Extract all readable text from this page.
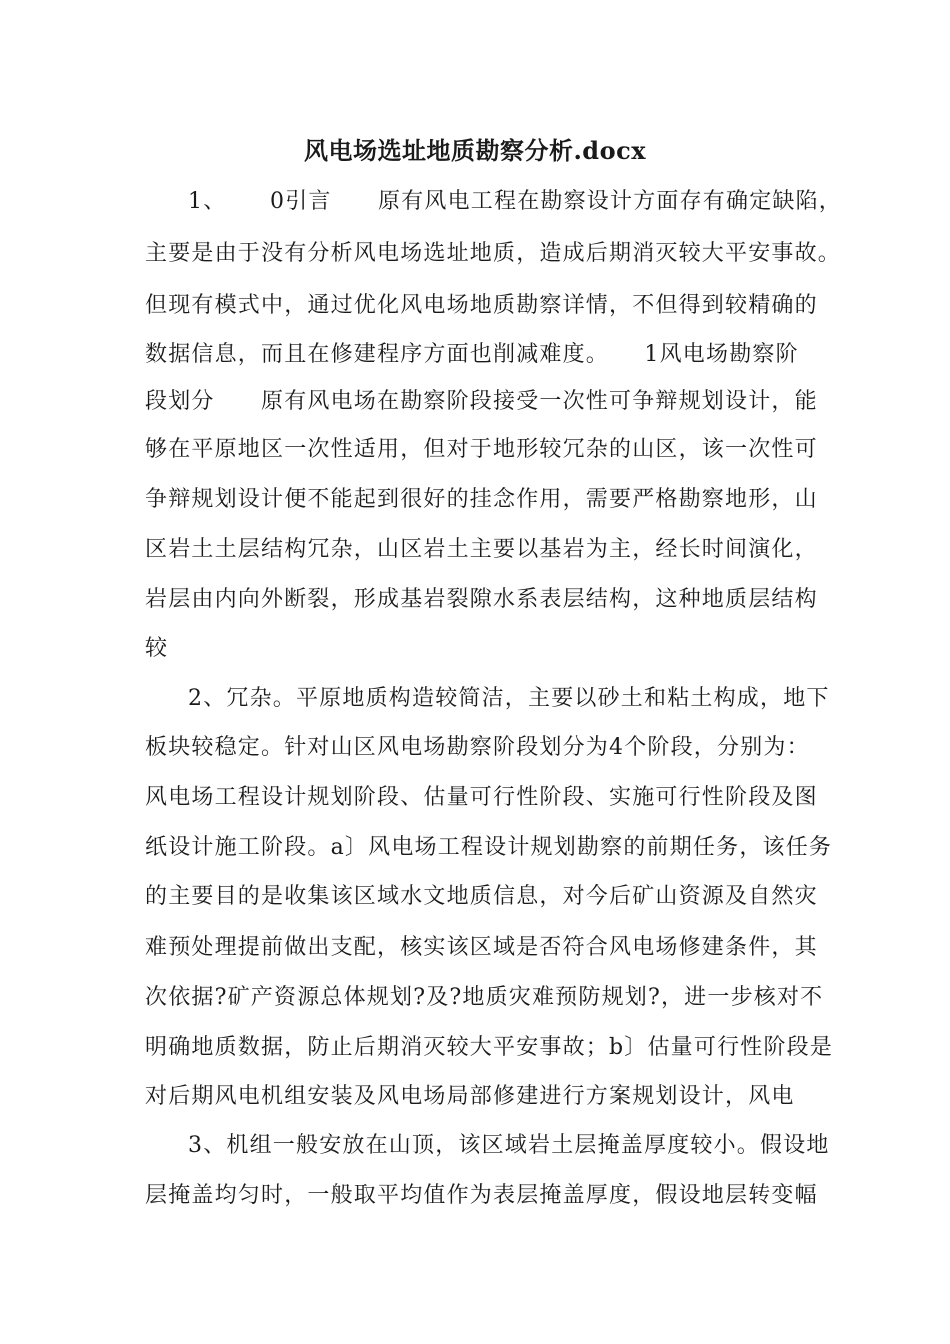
风电场选址地质勘察分析.docx
1、　 　0引言　　原有风电工程在勘察设计方面存有确定缺陷，
主要是由于没有分析风电场选址地质，造成后期消灭较大平安事故。
但现有模式中，通过优化风电场地质勘察详情，不但得到较精确的
数据信息，而且在修建程序方面也削减难度。　　1风电场勘察阶
段划分　　原有风电场在勘察阶段接受一次性可争辩规划设计，能
够在平原地区一次性适用，但对于地形较冗杂的山区，该一次性可
争辩规划设计便不能起到很好的挂念作用，需要严格勘察地形，山
区岩土土层结构冗杂，山区岩土主要以基岩为主，经长时间演化，
岩层由内向外断裂，形成基岩裂隙水系表层结构，这种地质层结构
较
2、冗杂。平原地质构造较简洁，主要以砂土和粘土构成，地下
板块较稳定。针对山区风电场勘察阶段划分为4个阶段，分别为：
风电场工程设计规划阶段、估量可行性阶段、实施可行性阶段及图
纸设计施工阶段。a〕风电场工程设计规划勘察的前期任务，该任务
的主要目的是收集该区域水文地质信息，对今后矿山资源及自然灾
难预处理提前做出支配，核实该区域是否符合风电场修建条件，其
次依据?矿产资源总体规划?及?地质灾难预防规划?，进一步核对不
明确地质数据，防止后期消灭较大平安事故；b〕估量可行性阶段是
对后期风电机组安装及风电场局部修建进行方案规划设计，风电
3、机组一般安放在山顶，该区域岩土层掩盖厚度较小。假设地
层掩盖均匀时，一般取平均值作为表层掩盖厚度，假设地层转变幅
